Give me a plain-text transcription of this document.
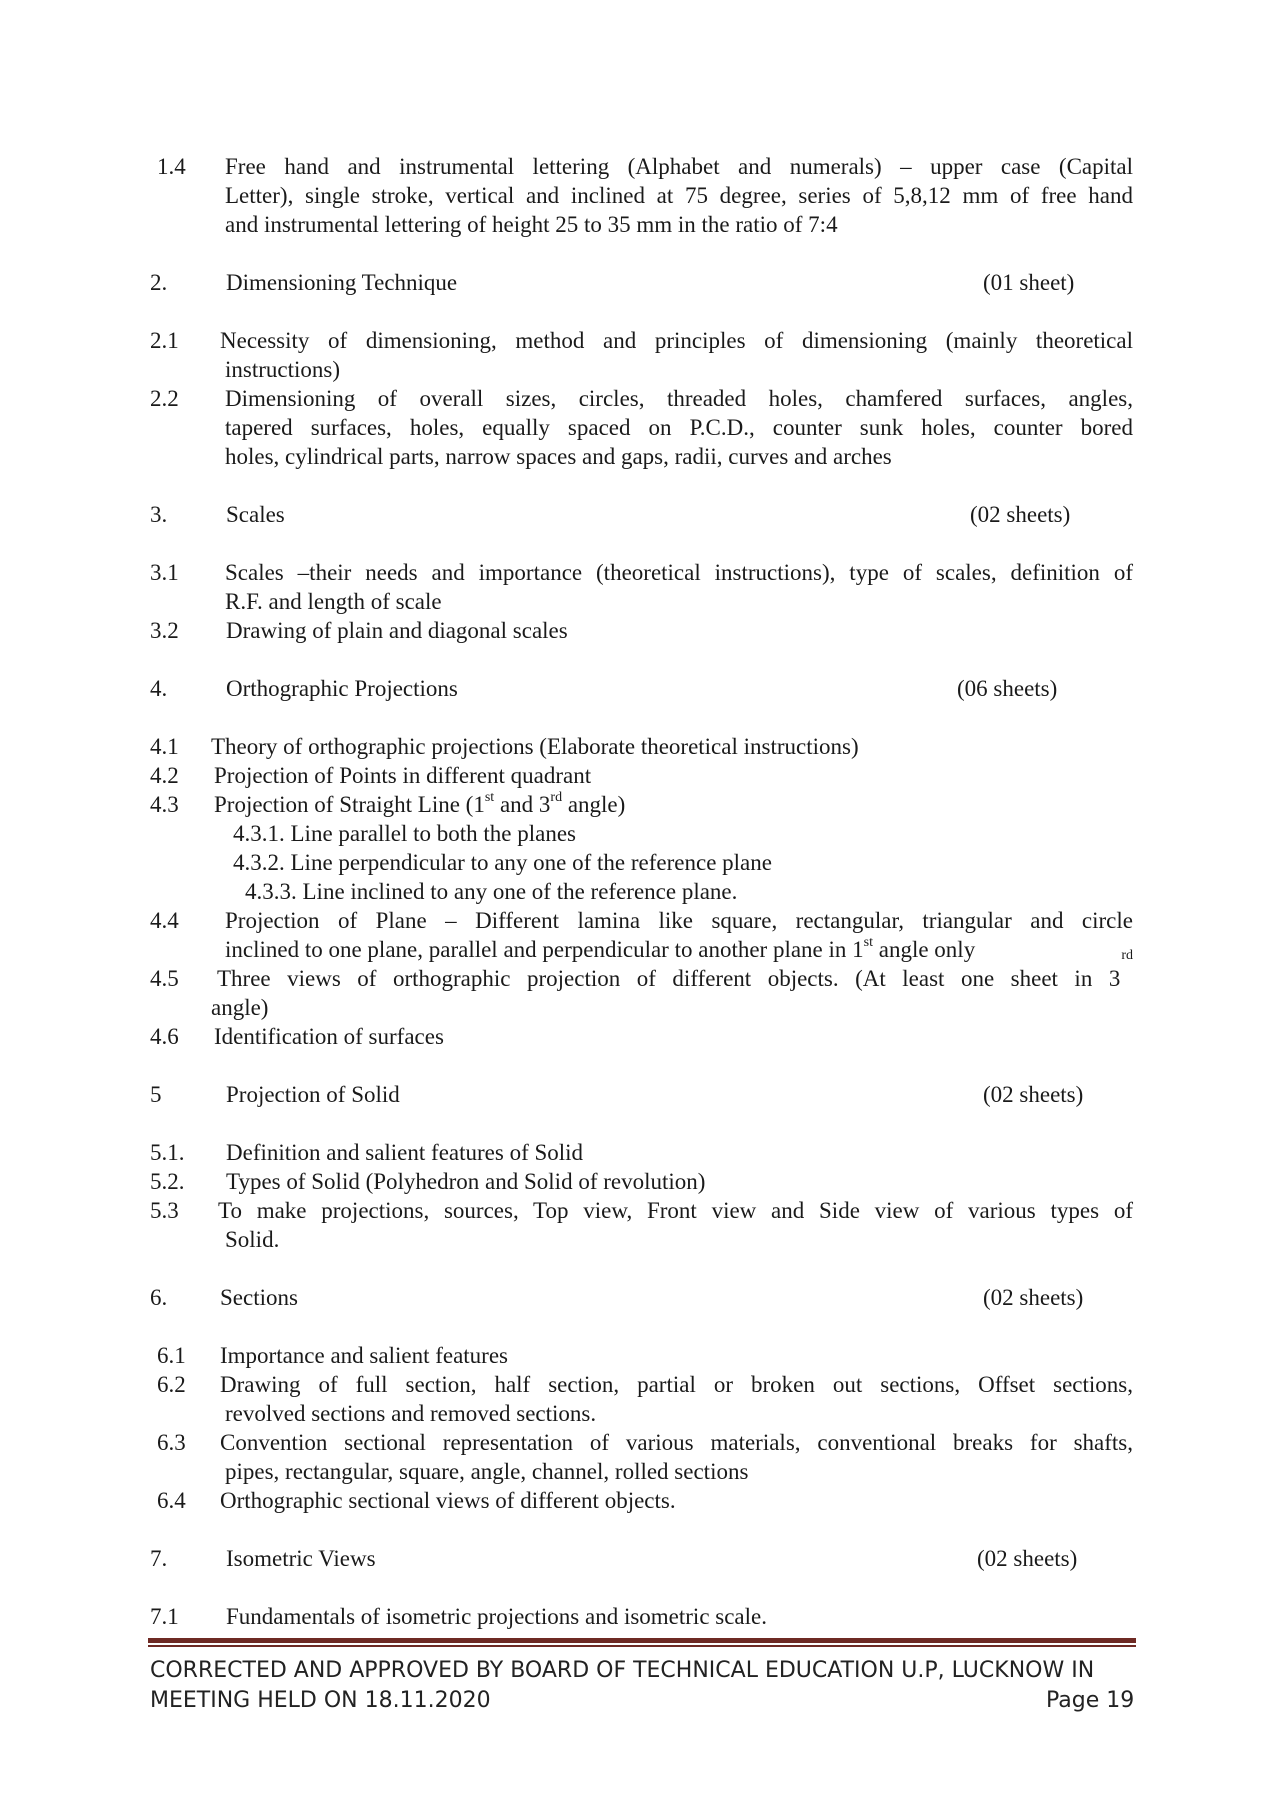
1.4 Free hand and instrumental lettering (Alphabet and numerals) – upper case (Capital
Letter), single stroke, vertical and inclined at 75 degree, series of 5,8,12 mm of free hand
and instrumental lettering of height 25 to 35 mm in the ratio of 7:4
2.	Dimensioning Technique	(01 sheet)
2.1 Necessity of dimensioning, method and principles of dimensioning (mainly theoretical
instructions)
2.2 Dimensioning of overall sizes, circles, threaded holes, chamfered surfaces, angles,
tapered surfaces, holes, equally spaced on P.C.D., counter sunk holes, counter bored
holes, cylindrical parts, narrow spaces and gaps, radii, curves and arches
3.	Scales	(02 sheets)
3.1 Scales –their needs and importance (theoretical instructions), type of scales, definition of
R.F. and length of scale
3.2 Drawing of plain and diagonal scales
4.	Orthographic Projections	(06 sheets)
4.1 Theory of orthographic projections (Elaborate theoretical instructions)
4.2 Projection of Points in different quadrant
4.3 Projection of Straight Line (1st and 3rd angle)
4.3.1. Line parallel to both the planes
4.3.2. Line perpendicular to any one of the reference plane
4.3.3. Line inclined to any one of the reference plane.
4.4 Projection of Plane – Different lamina like square, rectangular, triangular and circle
inclined to one plane, parallel and perpendicular to another plane in 1st angle only
4.5 Three views of orthographic projection of different objects. (At least one sheet in 3
$^{rd}$
angle)
4.6 Identification of surfaces
5	Projection of Solid	(02 sheets)
5.1. Definition and salient features of Solid
5.2. Types of Solid (Polyhedron and Solid of revolution)
5.3 To make projections, sources, Top view, Front view and Side view of various types of
Solid.
6. Sections	(02 sheets)
6.1 Importance and salient features
6.2 Drawing of full section, half section, partial or broken out sections, Offset sections,
revolved sections and removed sections.
6.3 Convention sectional representation of various materials, conventional breaks for shafts,
pipes, rectangular, square, angle, channel, rolled sections
6.4 Orthographic sectional views of different objects.
7.	Isometric Views	(02 sheets)
7.1 Fundamentals of isometric projections and isometric scale.
CORRECTED AND APPROVED BY BOARD OF TECHNICAL EDUCATION U.P, LUCKNOW IN
MEETING HELD ON 18.11.2020	Page 19
